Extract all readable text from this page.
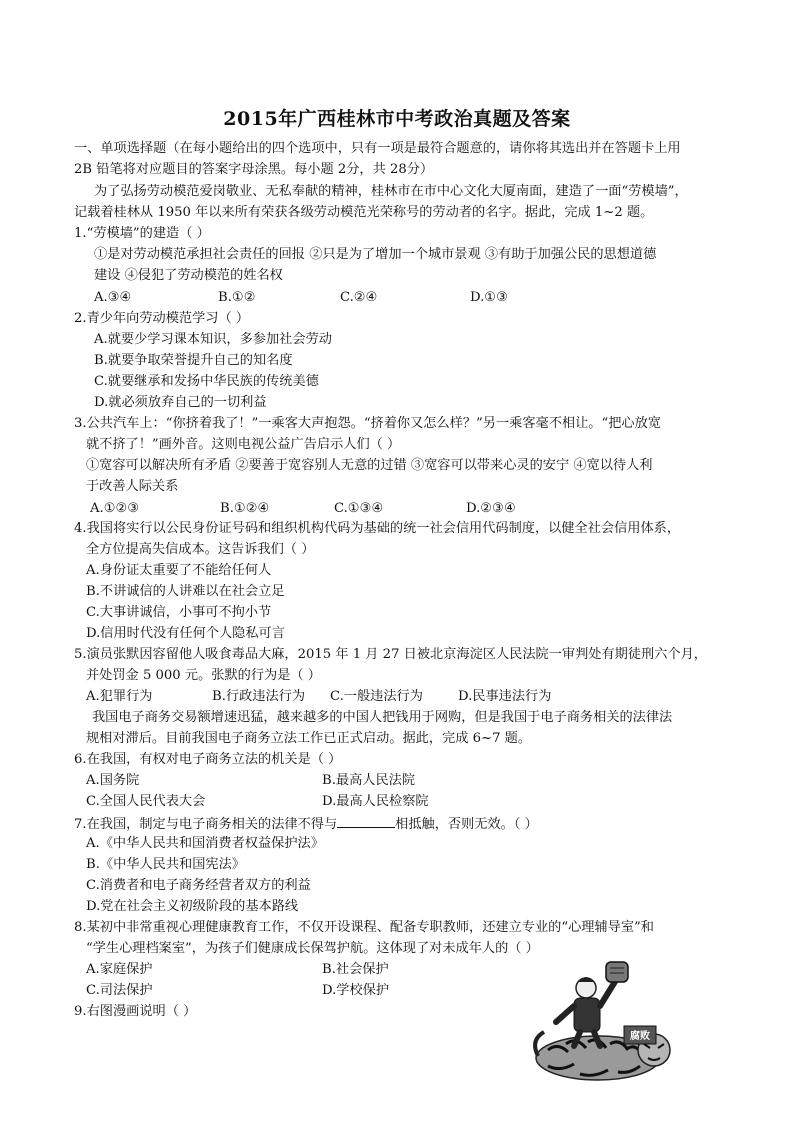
2015年广西桂林市中考政治真题及答案
一、单项选择题（在每小题给出的四个选项中，只有一项是最符合题意的，请你将其选出并在答题卡上用
2B 铅笔将对应题目的答案字母涂黑。每小题 2分，共 28分）
为了弘扬劳动模范爱岗敬业、无私奉献的精神，桂林市在市中心文化大厦南面，建造了一面“劳模墙”，
记载着桂林从 1950 年以来所有荣获各级劳动模范光荣称号的劳动者的名字。据此，完成 1~2 题。
1.“劳模墙”的建造（ ）
①是对劳动模范承担社会责任的回报 ②只是为了增加一个城市景观 ③有助于加强公民的思想道德
建设 ④侵犯了劳动模范的姓名权
A.③④	B.①②	C.②④	D.①③
2.青少年向劳动模范学习（ ）
A.就要少学习课本知识，多参加社会劳动
B.就要争取荣誉提升自己的知名度
C.就要继承和发扬中华民族的传统美德
D.就必须放弃自己的一切利益
3.公共汽车上：“你挤着我了！”一乘客大声抱怨。“挤着你又怎么样？”另一乘客毫不相让。“把心放宽
就不挤了！”画外音。这则电视公益广告启示人们（ ）
①宽容可以解决所有矛盾 ②要善于宽容别人无意的过错 ③宽容可以带来心灵的安宁 ④宽以待人利
于改善人际关系
A.①②③	B.①②④	C.①③④	D.②③④
4.我国将实行以公民身份证号码和组织机构代码为基础的统一社会信用代码制度，以健全社会信用体系，
全方位提高失信成本。这告诉我们（ ）
A.身份证太重要了不能给任何人
B.不讲诚信的人讲难以在社会立足
C.大事讲诚信，小事可不拘小节
D.信用时代没有任何个人隐私可言
5.演员张默因容留他人吸食毒品大麻，2015 年 1 月 27 日被北京海淀区人民法院一审判处有期徒刑六个月，
并处罚金 5 000 元。张默的行为是（ ）
A.犯罪行为	B.行政违法行为 C.一般违法行为	D.民事违法行为
我国电子商务交易额增速迅猛，越来越多的中国人把钱用于网购，但是我国于电子商务相关的法律法
规相对滞后。目前我国电子商务立法工作已正式启动。据此，完成 6~7 题。
6.在我国，有权对电子商务立法的机关是（ ）
A.国务院	B.最高人民法院
C.全国人民代表大会	D.最高人民检察院
7.在我国，制定与电子商务相关的法律不得与	相抵触，否则无效。（ ）
A.《中华人民共和国消费者权益保护法》
B.《中华人民共和国宪法》
C.消费者和电子商务经营者双方的利益
D.党在社会主义初级阶段的基本路线
8.某初中非常重视心理健康教育工作，不仅开设课程、配备专职教师，还建立专业的“心理辅导室”和
“学生心理档案室”，为孩子们健康成长保驾护航。这体现了对未成年人的（ ）
A.家庭保护	B.社会保护
C.司法保护	D.学校保护
9.右图漫画说明（ ）
腐败
